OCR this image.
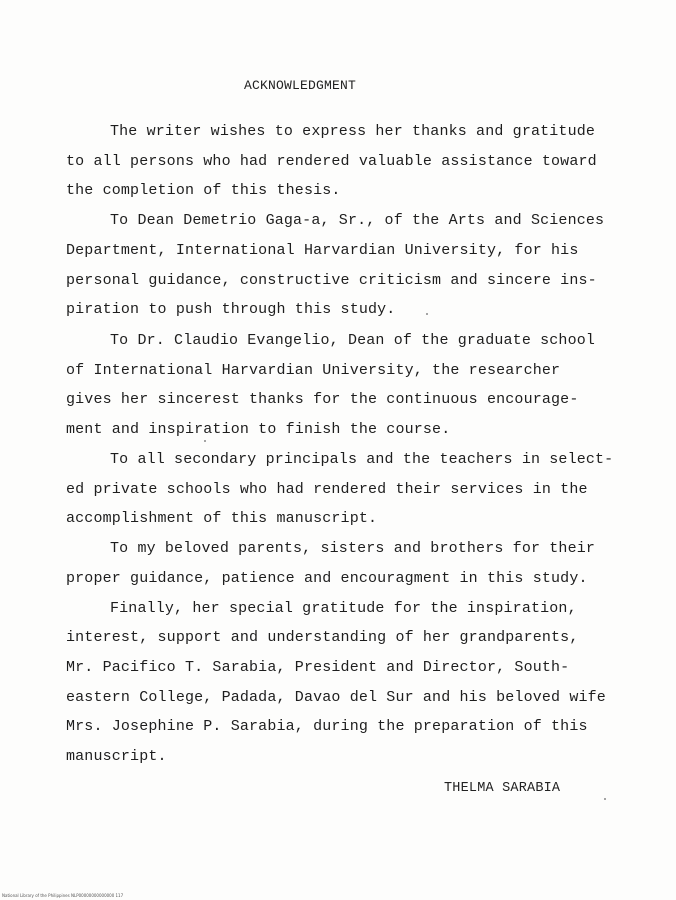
ACKNOWLEDGMENT
The writer wishes to express her thanks and gratitude
to all persons who had rendered valuable assistance toward
the completion of this thesis.
To Dean Demetrio Gaga-a, Sr., of the Arts and Sciences
Department, International Harvardian University, for his
personal guidance, constructive criticism and sincere ins-
piration to push through this study.
To Dr. Claudio Evangelio, Dean of the graduate school
of International Harvardian University, the researcher
gives her sincerest thanks for the continuous encourage-
ment and inspiration to finish the course.
To all secondary principals and the teachers in select-
ed private schools who had rendered their services in the
accomplishment of this manuscript.
To my beloved parents, sisters and brothers for their
proper guidance, patience and encouragment in this study.
Finally, her special gratitude for the inspiration,
interest, support and understanding of her grandparents,
Mr. Pacifico T. Sarabia, President and Director, South-
eastern College, Padada, Davao del Sur and his beloved wife
Mrs. Josephine P. Sarabia, during the preparation of this
manuscript.
THELMA SARABIA
National Library of the Philippines NLP00000000000000 117
